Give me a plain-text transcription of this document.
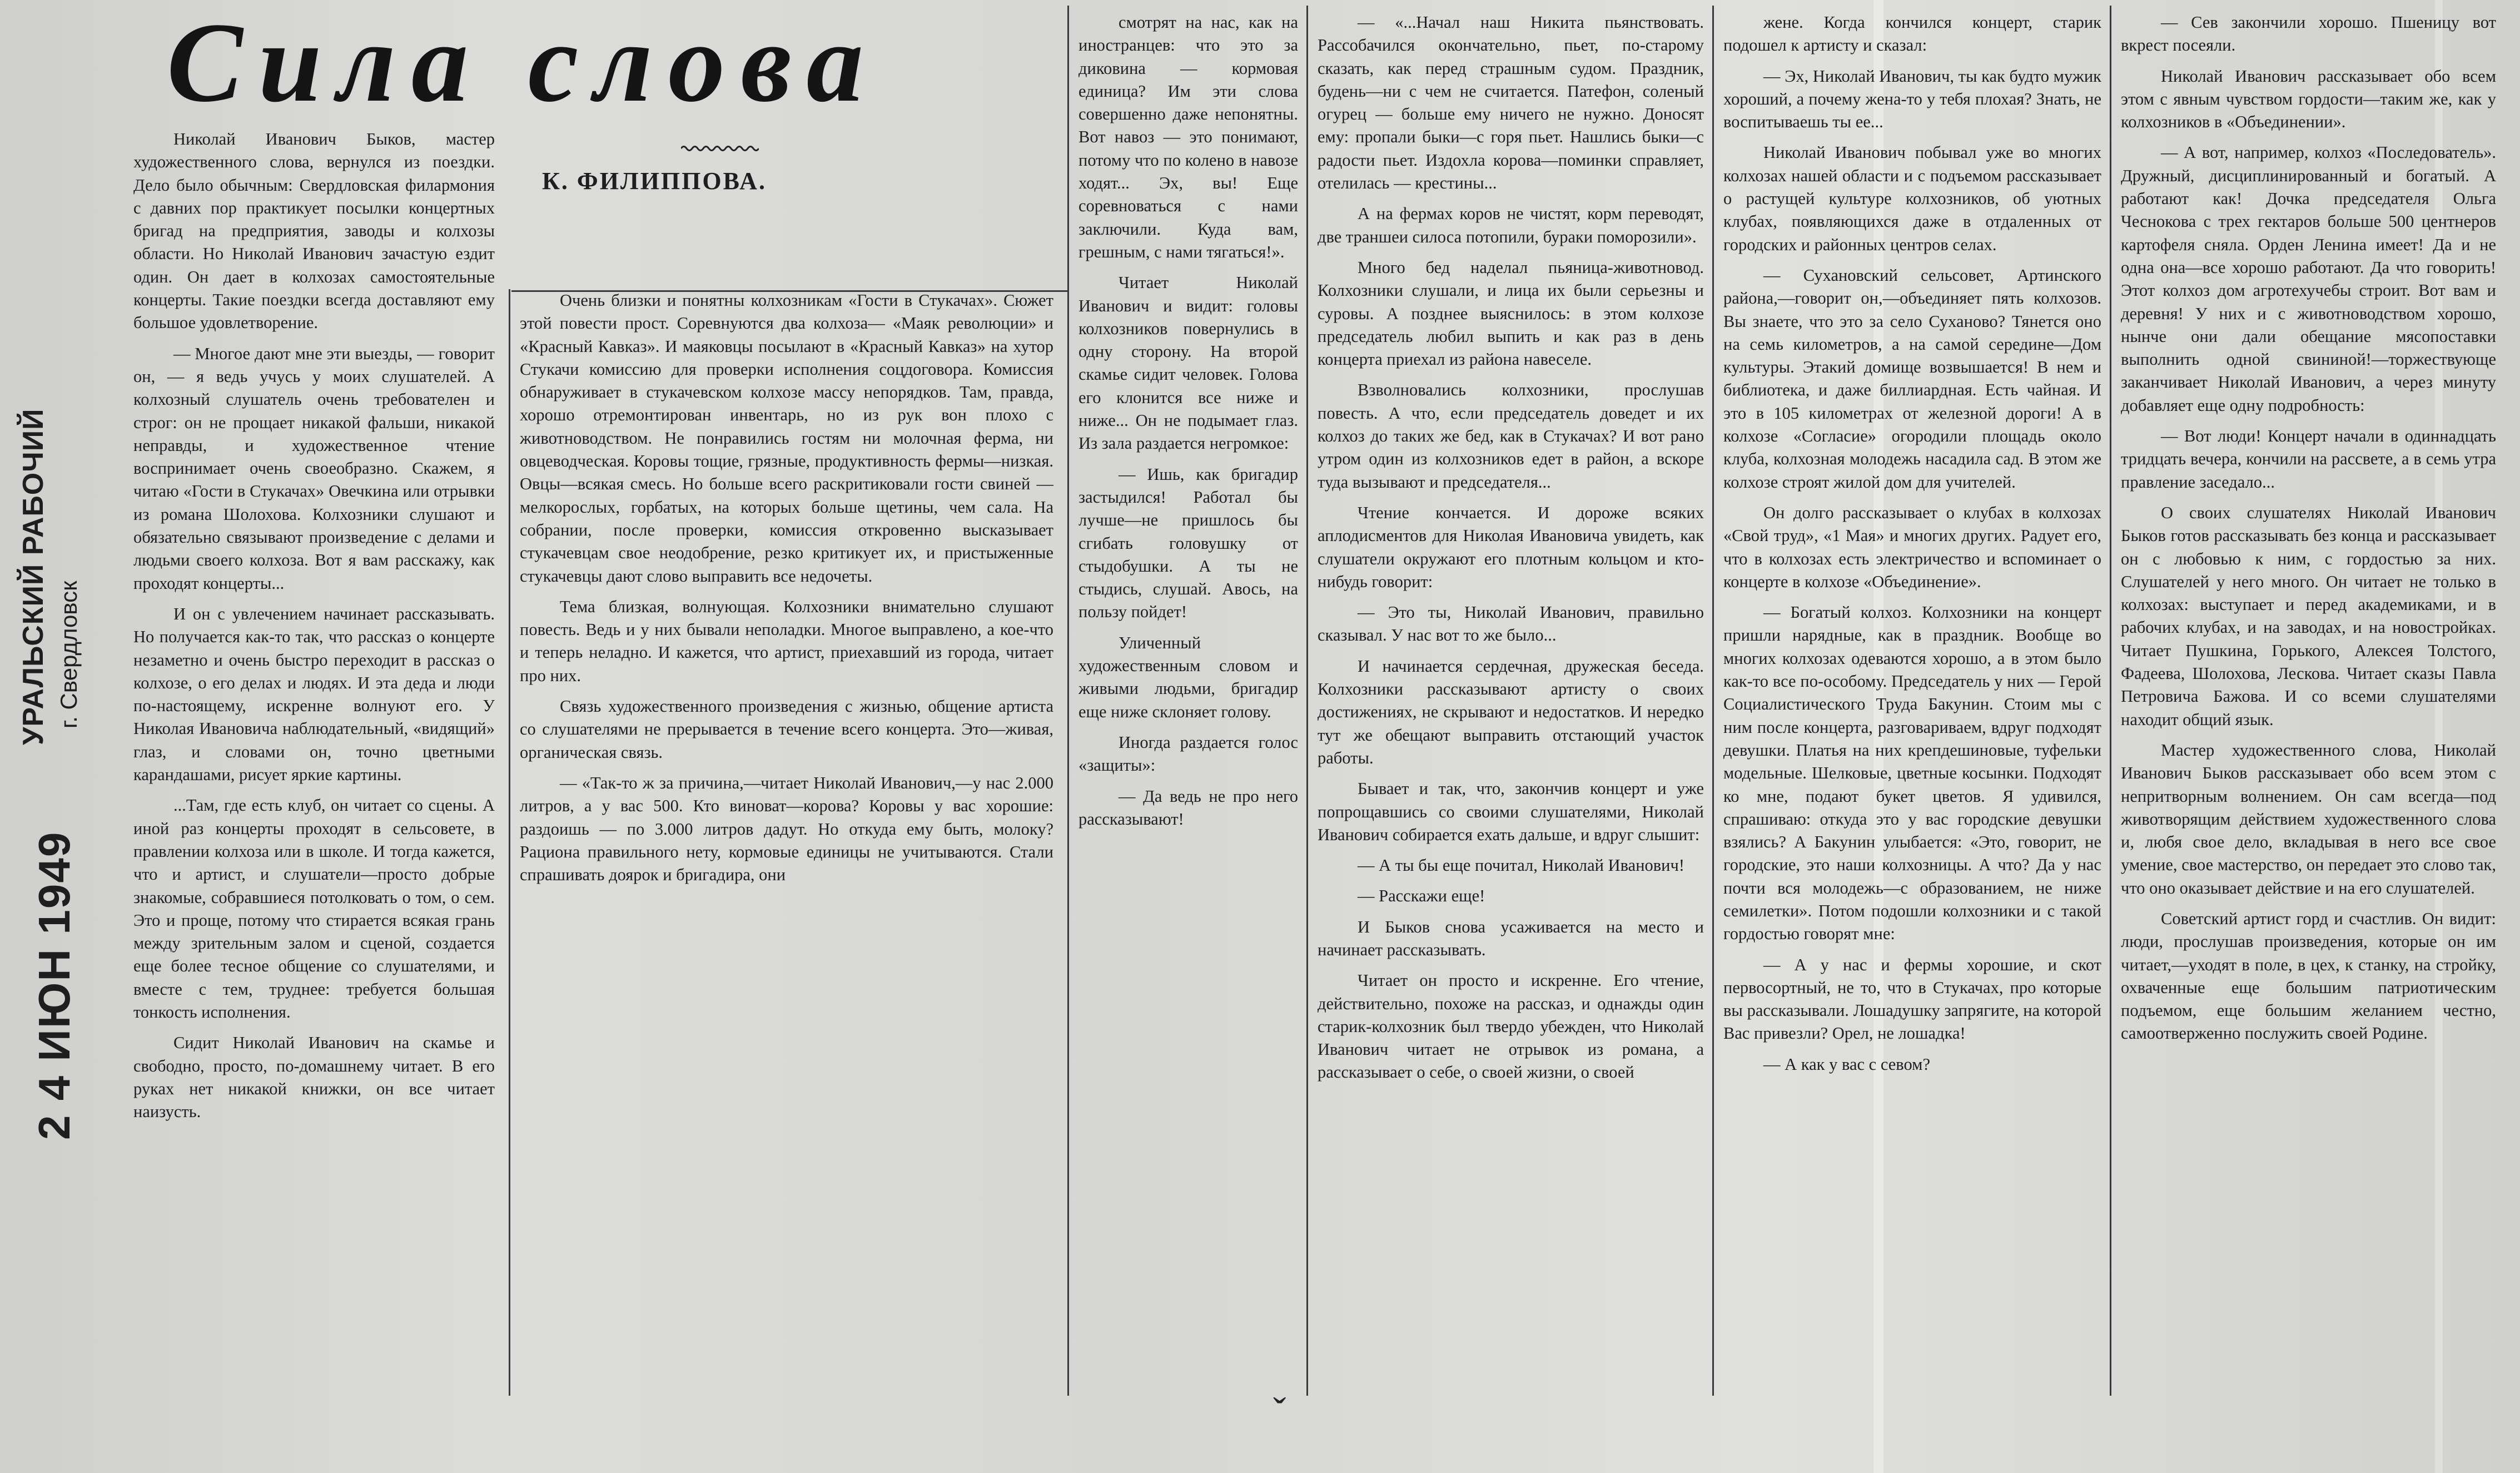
Сила слова
УРАЛЬСКИЙ РАБОЧИЙ г. Свердловск
2 4 ИЮН 1949
К. ФИЛИППОВА.

Николай Иванович Быков, мастер художественного слова, вернулся из поездки. Дело было обычным: Свердловская филармония с давних пор практикует посылки концертных бригад на предприятия, заводы и колхозы области. Но Николай Иванович зачастую ездит один. Он дает в колхозах самостоятельные концерты. Такие поездки всегда доставляют ему большое удовлетворение.

— Многое дают мне эти выезды, — говорит он, — я ведь учусь у моих слушателей. А колхозный слушатель очень требователен и строг: он не прощает никакой фальши, никакой неправды, и художественное чтение воспринимает очень своеобразно. Скажем, я читаю «Гости в Стукачах» Овечкина или отрывки из романа Шолохова. Колхозники слушают и обязательно связывают произведение с делами и людьми своего колхоза. Вот я вам расскажу, как проходят концерты...

И он с увлечением начинает рассказывать. Но получается как-то так, что рассказ о концерте незаметно и очень быстро переходит в рассказ о колхозе, о его делах и людях. И эта деда и люди по-настоящему, искренне волнуют его. У Николая Ивановича наблюдательный, «видящий» глаз, и словами он, точно цветными карандашами, рисует яркие картины.

...Там, где есть клуб, он читает со сцены. А иной раз концерты проходят в сельсовете, в правлении колхоза или в школе. И тогда кажется, что и артист, и слушатели—просто добрые знакомые, собравшиеся потолковать о том, о сем. Это и проще, потому что стирается всякая грань между зрительным залом и сценой, создается еще более тесное общение со слушателями, и вместе с тем, труднее: требуется большая тонкость исполнения.

Сидит Николай Иванович на скамье и свободно, просто, по-домашнему читает. В его руках нет никакой книжки, он все читает наизусть.

Очень близки и понятны колхозникам «Гости в Стукачах». Сюжет этой повести прост. Соревнуются два колхоза— «Маяк революции» и «Красный Кавказ». И маяковцы посылают в «Красный Кавказ» на хутор Стукачи комиссию для проверки исполнения соцдоговора. Комиссия обнаруживает в стукачевском колхозе массу непорядков. Там, правда, хорошо отремонтирован инвентарь, но из рук вон плохо с животноводством. Не понравились гостям ни молочная ферма, ни овцеводческая. Коровы тощие, грязные, продуктивность фермы—низкая. Овцы—всякая смесь. Но больше всего раскритиковали гости свиней — мелкорослых, горбатых, на которых больше щетины, чем сала. На собрании, после проверки, комиссия откровенно высказывает стукачевцам свое неодобрение, резко критикует их, и пристыженные стукачевцы дают слово выправить все недочеты.

Тема близкая, волнующая. Колхозники внимательно слушают повесть. Ведь и у них бывали неполадки. Многое выправлено, а кое-что и теперь неладно. И кажется, что артист, приехавший из города, читает про них.

Связь художественного произведения с жизнью, общение артиста со слушателями не прерывается в течение всего концерта. Это—живая, органическая связь.

— «Так-то ж за причина,—читает Николай Иванович,—у нас 2.000 литров, а у вас 500. Кто виноват—корова? Коровы у вас хорошие: раздоишь — по 3.000 литров дадут. Но откуда ему быть, молоку? Рациона правильного нету, кормовые единицы не учитываются. Стали спрашивать доярок и бригадира, они

смотрят на нас, как на иностранцев: что это за диковина — кормовая единица? Им эти слова совершенно даже непонятны. Вот навоз — это понимают, потому что по колено в навозе ходят... Эх, вы! Еще соревноваться с нами заключили. Куда вам, грешным, с нами тягаться!».

Читает Николай Иванович и видит: головы колхозников повернулись в одну сторону. На второй скамье сидит человек. Голова его клонится все ниже и ниже... Он не подымает глаз. Из зала раздается негромкое:

— Ишь, как бригадир застыдился! Работал бы лучше—не пришлось бы сгибать головушку от стыдобушки. А ты не стыдись, слушай. Авось, на пользу пойдет!

Уличенный художественным словом и живыми людьми, бригадир еще ниже склоняет голову.

Иногда раздается голос «защиты»:

— Да ведь не про него рассказывают!

— «...Начал наш Никита пьянствовать. Рассобачился окончательно, пьет, по-старому сказать, как перед страшным судом. Праздник, будень—ни с чем не считается. Патефон, соленый огурец — больше ему ничего не нужно. Доносят ему: пропали быки—с горя пьет. Нашлись быки—с радости пьет. Издохла корова—поминки справляет, отелилась — крестины...

А на фермах коров не чистят, корм переводят, две траншеи силоса потопили, бураки поморозили».

Много бед наделал пьяница-животновод. Колхозники слушали, и лица их были серьезны и суровы. А позднее выяснилось: в этом колхозе председатель любил выпить и как раз в день концерта приехал из района навеселе.

Взволновались колхозники, прослушав повесть. А что, если председатель доведет и их колхоз до таких же бед, как в Стукачах? И вот рано утром один из колхозников едет в район, а вскоре туда вызывают и председателя...

Чтение кончается. И дороже всяких аплодисментов для Николая Ивановича увидеть, как слушатели окружают его плотным кольцом и кто-нибудь говорит:

— Это ты, Николай Иванович, правильно сказывал. У нас вот то же было...

И начинается сердечная, дружеская беседа. Колхозники рассказывают артисту о своих достижениях, не скрывают и недостатков. И нередко тут же обещают выправить отстающий участок работы.

Бывает и так, что, закончив концерт и уже попрощавшись со своими слушателями, Николай Иванович собирается ехать дальше, и вдруг слышит:

— А ты бы еще почитал, Николай Иванович!

— Расскажи еще!

И Быков снова усаживается на место и начинает рассказывать.

Читает он просто и искренне. Его чтение, действительно, похоже на рассказ, и однажды один старик-колхозник был твердо убежден, что Николай Иванович читает не отрывок из романа, а рассказывает о себе, о своей жизни, о своей

жене. Когда кончился концерт, старик подошел к артисту и сказал:

— Эх, Николай Иванович, ты как будто мужик хороший, а почему жена-то у тебя плохая? Знать, не воспитываешь ты ее...

Николай Иванович побывал уже во многих колхозах нашей области и с подъемом рассказывает о растущей культуре колхозников, об уютных клубах, появляющихся даже в отдаленных от городских и районных центров селах.

— Сухановский сельсовет, Артинского района,—говорит он,—объединяет пять колхозов. Вы знаете, что это за село Суханово? Тянется оно на семь километров, а на самой середине—Дом культуры. Этакий домище возвышается! В нем и библиотека, и даже биллиардная. Есть чайная. И это в 105 километрах от железной дороги! А в колхозе «Согласие» огородили площадь около клуба, колхозная молодежь насадила сад. В этом же колхозе строят жилой дом для учителей.

Он долго рассказывает о клубах в колхозах «Свой труд», «1 Мая» и многих других. Радует его, что в колхозах есть электричество и вспоминает о концерте в колхозе «Объединение».

— Богатый колхоз. Колхозники на концерт пришли нарядные, как в праздник. Вообще во многих колхозах одеваются хорошо, а в этом было как-то все по-особому. Председатель у них — Герой Социалистического Труда Бакунин. Стоим мы с ним после концерта, разговариваем, вдруг подходят девушки. Платья на них крепдешиновые, туфельки модельные. Шелковые, цветные косынки. Подходят ко мне, подают букет цветов. Я удивился, спрашиваю: откуда это у вас городские девушки взялись? А Бакунин улыбается: «Это, говорит, не городские, это наши колхозницы. А что? Да у нас почти вся молодежь—с образованием, не ниже семилетки». Потом подошли колхозники и с такой гордостью говорят мне:

— А у нас и фермы хорошие, и скот первосортный, не то, что в Стукачах, про которые вы рассказывали. Лошадушку запрягите, на которой Вас привезли? Орел, не лошадка!

— А как у вас с севом?

— Сев закончили хорошо. Пшеницу вот вкрест посеяли.

Николай Иванович рассказывает обо всем этом с явным чувством гордости—таким же, как у колхозников в «Объединении».

— А вот, например, колхоз «Последователь». Дружный, дисциплинированный и богатый. А работают как! Дочка председателя Ольга Чеснокова с трех гектаров больше 500 центнеров картофеля сняла. Орден Ленина имеет! Да и не одна она—все хорошо работают. Да что говорить! Этот колхоз дом агротехучебы строит. Вот вам и деревня! У них и с животноводством хорошо, нынче они дали обещание мясопоставки выполнить одной свининой!—торжествующе заканчивает Николай Иванович, а через минуту добавляет еще одну подробность:

— Вот люди! Концерт начали в одиннадцать тридцать вечера, кончили на рассвете, а в семь утра правление заседало...

О своих слушателях Николай Иванович Быков готов рассказывать без конца и рассказывает он с любовью к ним, с гордостью за них. Слушателей у него много. Он читает не только в колхозах: выступает и перед академиками, и в рабочих клубах, и на заводах, и на новостройках. Читает Пушкина, Горького, Алексея Толстого, Фадеева, Шолохова, Лескова. Читает сказы Павла Петровича Бажова. И со всеми слушателями находит общий язык.

Мастер художественного слова, Николай Иванович Быков рассказывает обо всем этом с непритворным волнением. Он сам всегда—под животворящим действием художественного слова и, любя свое дело, вкладывая в него все свое умение, свое мастерство, он передает это слово так, что оно оказывает действие и на его слушателей.

Советский артист горд и счастлив. Он видит: люди, прослушав произведения, которые он им читает,—уходят в поле, в цех, к станку, на стройку, охваченные еще большим патриотическим подъемом, еще большим желанием честно, самоотверженно послужить своей Родине.

ˇ
